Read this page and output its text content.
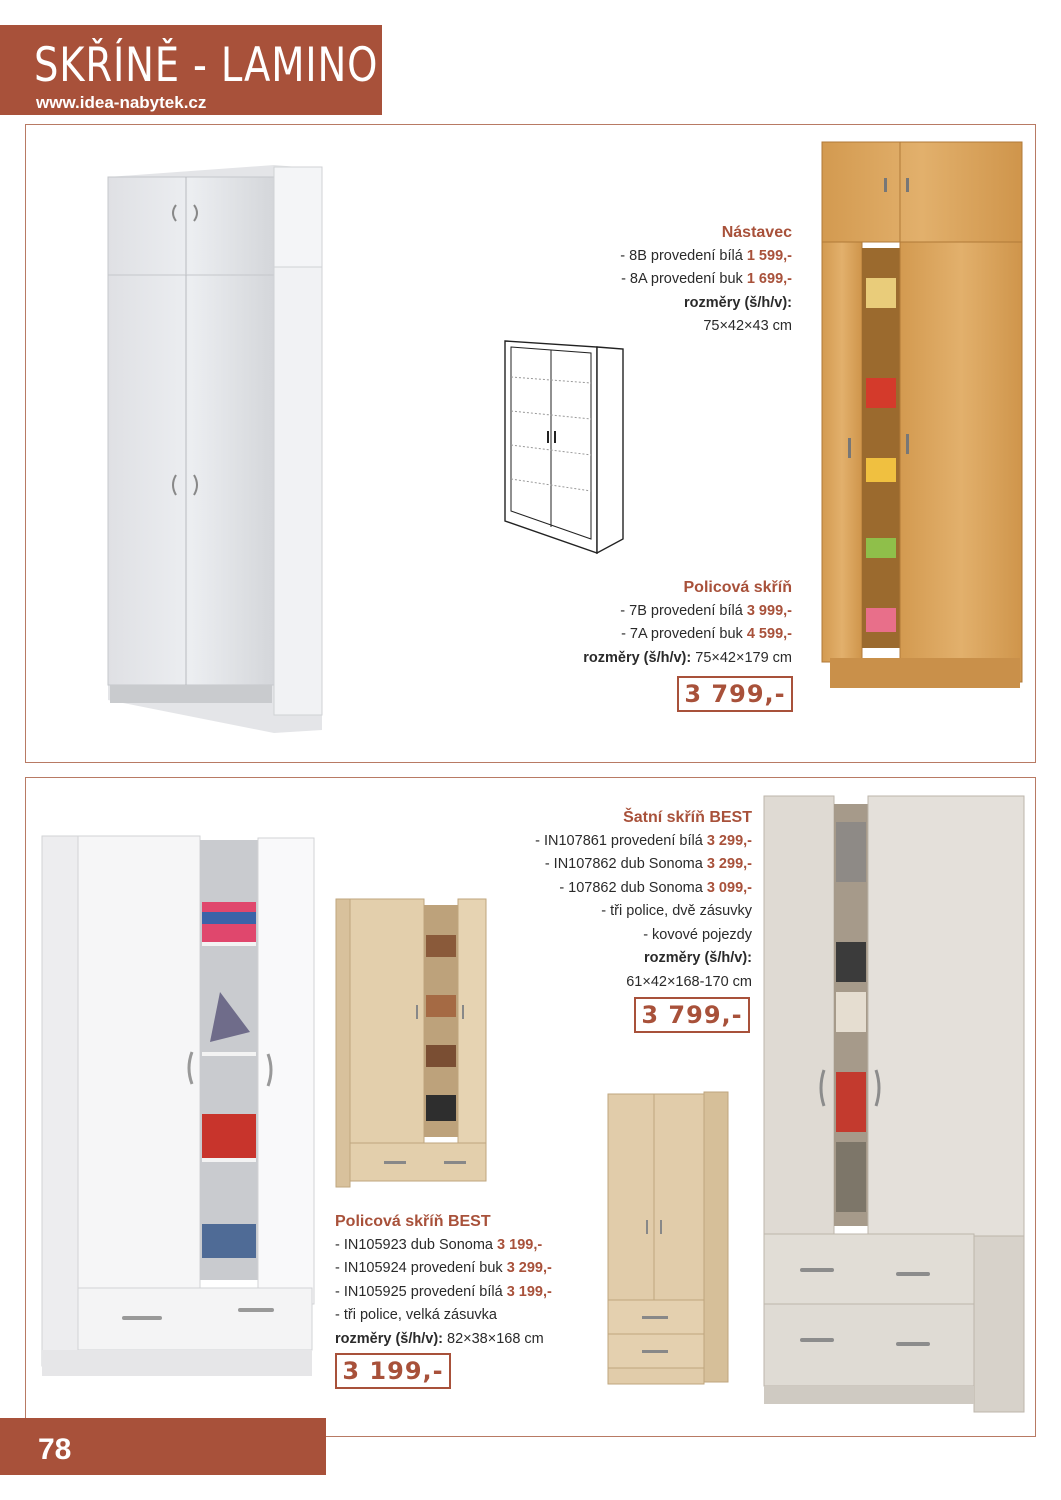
SKŘÍNĚ - LAMINO
www.idea-nabytek.cz
Nástavec
- 8B provedení bílá 1 599,-
- 8A provedení buk 1 699,-
rozměry (š/h/v):
75×42×43 cm
Policová skříň
- 7B provedení bílá 3 999,-
- 7A provedení buk 4 599,-
rozměry (š/h/v): 75×42×179 cm
3 799,-
Šatní skříň BEST
- IN107861 provedení bílá 3 299,-
- IN107862 dub Sonoma 3 299,-
- 107862 dub Sonoma 3 099,-
- tři police, dvě zásuvky
- kovové pojezdy
rozměry (š/h/v):
61×42×168-170 cm
3 799,-
Policová skříň BEST
- IN105923 dub Sonoma 3 199,-
- IN105924 provedení buk 3 299,-
- IN105925 provedení bílá 3 199,-
- tři police, velká zásuvka
rozměry (š/h/v): 82×38×168 cm
3 199,-
78
